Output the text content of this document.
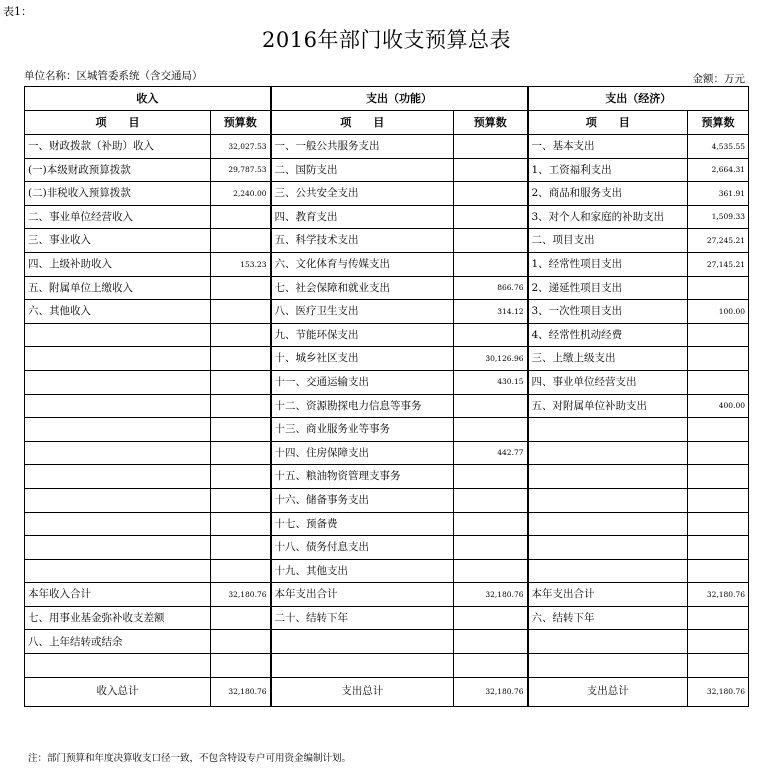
表1：
2016年部门收支预算总表
单位名称：区城管委系统（含交通局）	金额：万元
收入		支出（功能）		支出（经济）	
项　　目	预算数	项　　目	预算数	项　　目	预算数
一、财政拨款（补助）收入	32,027.53	一、一般公共服务支出		一、基本支出	4,535.55
(一)本级财政预算拨款	29,787.53	二、国防支出		1、工资福利支出	2,664.31
(二)非税收入预算拨款	2,240.00	三、公共安全支出		2、商品和服务支出	361.91
二、事业单位经营收入		四、教育支出		3、对个人和家庭的补助支出	1,509.33
三、事业收入		五、科学技术支出		二、项目支出	27,245.21
四、上级补助收入	153.23	六、文化体育与传媒支出		1、经常性项目支出	27,145.21
五、附属单位上缴收入		七、社会保障和就业支出	866.76	2、递延性项目支出	
六、其他收入		八、医疗卫生支出	314.12	3、一次性项目支出	100.00
		九、节能环保支出		4、经常性机动经费	
		十、城乡社区支出	30,126.96	三、上缴上级支出	
		十一、交通运输支出	430.15	四、事业单位经营支出	
		十二、资源勘探电力信息等事务		五、对附属单位补助支出	400.00
		十三、商业服务业等事务			
		十四、住房保障支出	442.77		
		十五、粮油物资管理支事务			
		十六、储备事务支出			
		十七、预备费			
		十八、债务付息支出			
		十九、其他支出			
本年收入合计	32,180.76	本年支出合计	32,180.76	本年支出合计	32,180.76
七、用事业基金弥补收支差额		二十、结转下年		六、结转下年	
八、上年结转或结余					

收入总计	32,180.76	支出总计	32,180.76	支出总计	32,180.76
注：部门预算和年度决算收支口径一致，不包含特设专户可用资金编制计划。
